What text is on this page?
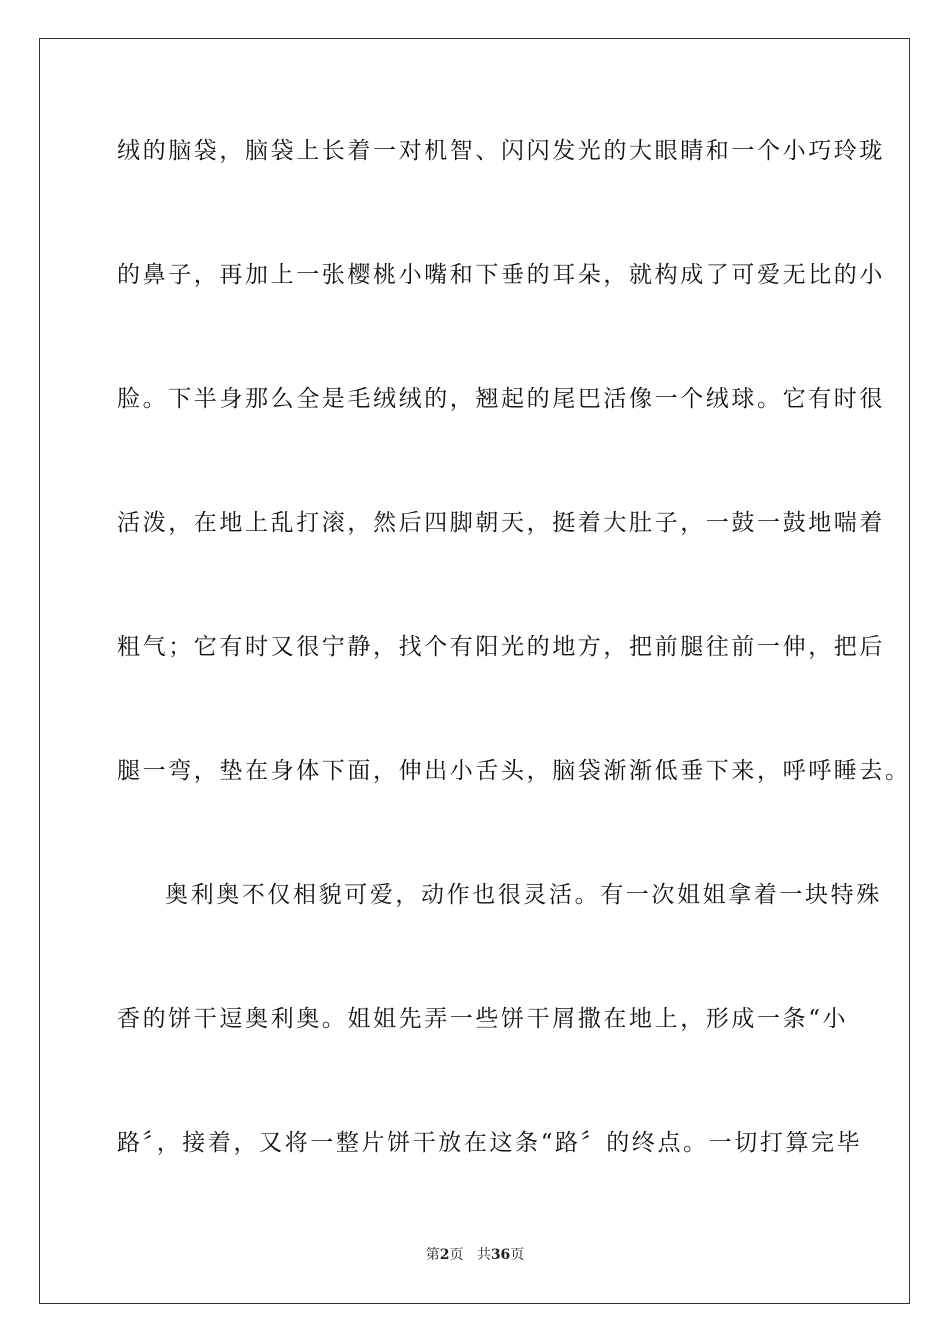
绒的脑袋，脑袋上长着一对机智、闪闪发光的大眼睛和一个小巧玲珑
的鼻子，再加上一张樱桃小嘴和下垂的耳朵，就构成了可爱无比的小
脸。下半身那么全是毛绒绒的，翘起的尾巴活像一个绒球。它有时很
活泼，在地上乱打滚，然后四脚朝天，挺着大肚子，一鼓一鼓地喘着
粗气；它有时又很宁静，找个有阳光的地方，把前腿往前一伸，把后
腿一弯，垫在身体下面，伸出小舌头，脑袋渐渐低垂下来，呼呼睡去。
奥利奥不仅相貌可爱，动作也很灵活。有一次姐姐拿着一块特殊
香的饼干逗奥利奥。姐姐先弄一些饼干屑撒在地上，形成一条“小
路〞，接着，又将一整片饼干放在这条“路〞的终点。一切打算完毕
第2页 共36页
